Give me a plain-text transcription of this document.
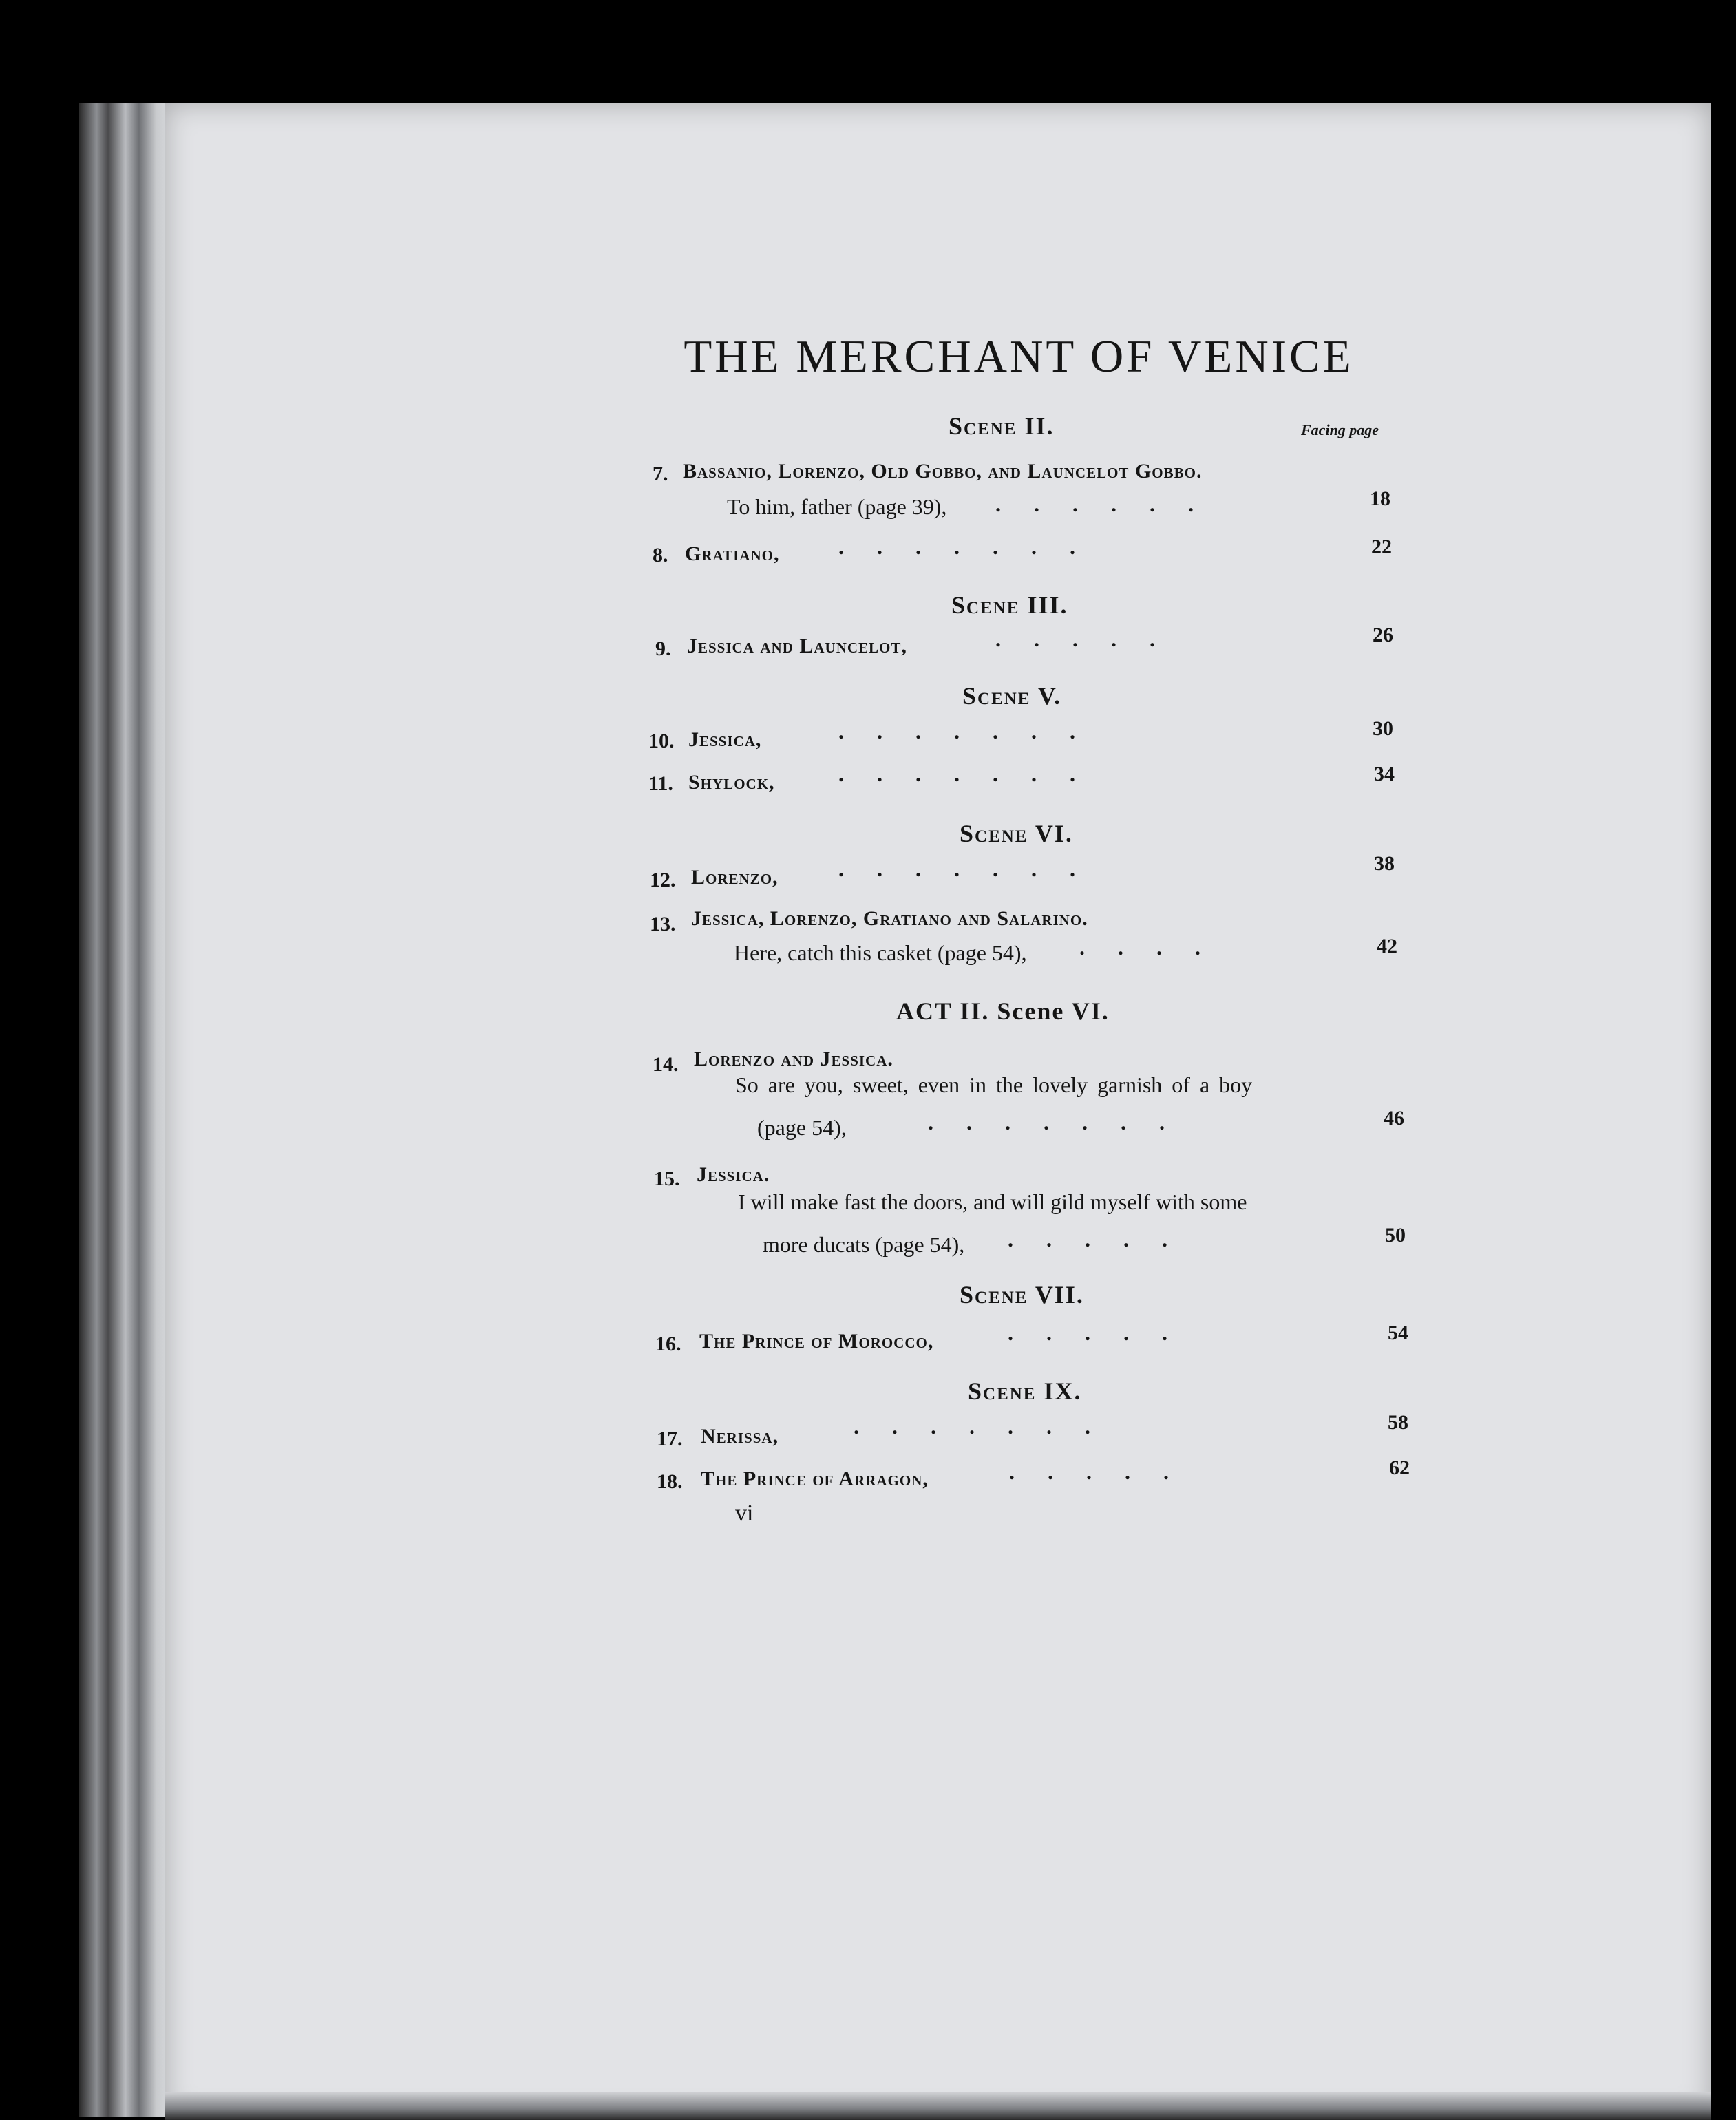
THE MERCHANT OF VENICE
Facing page
Scene II.
7. Bassanio, Lorenzo, Old Gobbo, and Launcelot Gobbo.
To him, father (page 39), ......	18
8. Gratiano,	.......	22
Scene III.
9. Jessica and Launcelot,	.....	26
Scene V.
10. Jessica,	.......	30
11. Shylock,	.......	34
Scene VI.
12. Lorenzo,	.......	38
13. Jessica, Lorenzo, Gratiano and Salarino.
Here, catch this casket (page 54), ....	42
ACT II. Scene VI.
14. Lorenzo and Jessica.
So are you, sweet, even in the lovely garnish of a boy
(page 54),	.......	46
15. Jessica.
I will make fast the doors, and will gild myself with some
more ducats (page 54), .....	50
Scene VII.
16. The Prince of Morocco,	.....	54
Scene IX.
17. Nerissa,	.......	58
18. The Prince of Arragon,	.....	62
vi
